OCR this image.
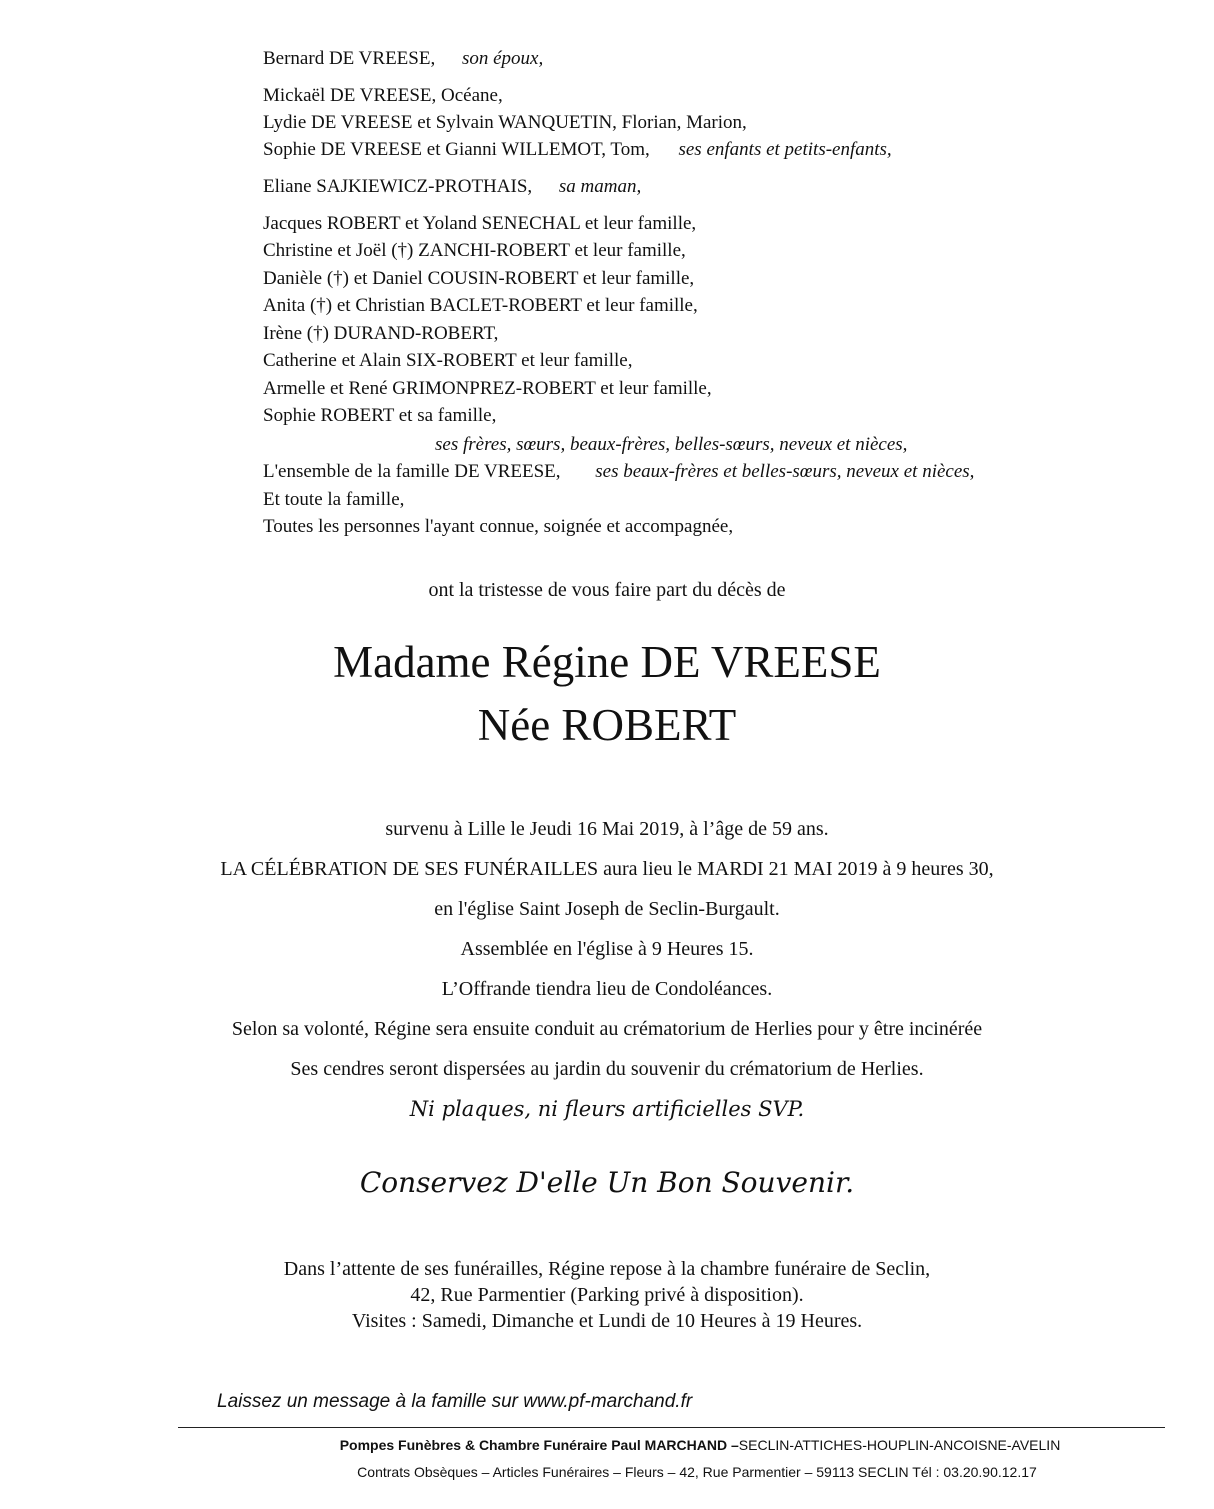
Bernard DE VREESE, son époux,
Mickaël DE VREESE, Océane,
Lydie DE VREESE et Sylvain WANQUETIN, Florian, Marion,
Sophie DE VREESE et Gianni WILLEMOT, Tom, ses enfants et petits-enfants,
Eliane SAJKIEWICZ-PROTHAIS, sa maman,
Jacques ROBERT et Yoland SENECHAL et leur famille,
Christine et Joël (†) ZANCHI-ROBERT et leur famille,
Danièle (†) et Daniel COUSIN-ROBERT et leur famille,
Anita (†) et Christian BACLET-ROBERT et leur famille,
Irène (†) DURAND-ROBERT,
Catherine et Alain SIX-ROBERT et leur famille,
Armelle et René GRIMONPREZ-ROBERT et leur famille,
Sophie ROBERT et sa famille,
ses frères, sœurs, beaux-frères, belles-sœurs, neveux et nièces,
L'ensemble de la famille DE VREESE, ses beaux-frères et belles-sœurs, neveux et nièces,
Et toute la famille,
Toutes les personnes l'ayant connue, soignée et accompagnée,
ont la tristesse de vous faire part du décès de
Madame Régine DE VREESE
Née ROBERT
survenu à Lille le Jeudi 16 Mai 2019, à l’âge de 59 ans.
LA CÉLÉBRATION DE SES FUNÉRAILLES aura lieu le MARDI 21 MAI 2019 à 9 heures 30,
en l'église Saint Joseph de Seclin-Burgault.
Assemblée en l'église à 9 Heures 15.
L’Offrande tiendra lieu de Condoléances.
Selon sa volonté, Régine sera ensuite conduit au crématorium de Herlies pour y être incinérée
Ses cendres seront dispersées au jardin du souvenir du crématorium de Herlies.
Ni plaques, ni fleurs artificielles SVP.
Conservez D'elle Un Bon Souvenir.
Dans l’attente de ses funérailles, Régine repose à la chambre funéraire de Seclin,
42, Rue Parmentier (Parking privé à disposition).
Visites : Samedi, Dimanche et Lundi de 10 Heures à 19 Heures.
Laissez un message à la famille sur www.pf-marchand.fr
Pompes Funèbres & Chambre Funéraire Paul MARCHAND –SECLIN-ATTICHES-HOUPLIN-ANCOISNE-AVELIN
Contrats Obsèques – Articles Funéraires – Fleurs – 42, Rue Parmentier – 59113 SECLIN Tél : 03.20.90.12.17
